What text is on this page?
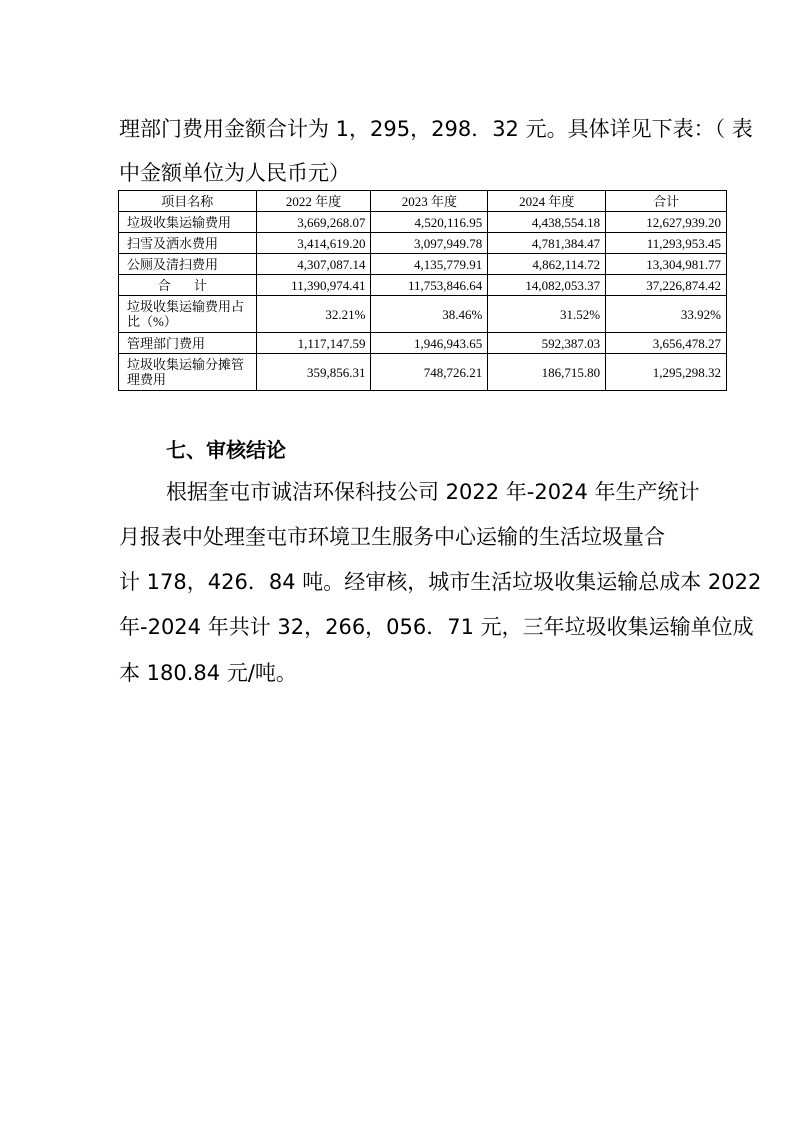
理部门费用金额合计为 1，295，298．32 元。具体详见下表：（ 表
中金额单位为人民币元）
项目名称	2022 年度	2023 年度	2024 年度	合计
垃圾收集运输费用	3,669,268.07	4,520,116.95	4,438,554.18	12,627,939.20
扫雪及洒水费用	3,414,619.20	3,097,949.78	4,781,384.47	11,293,953.45
公厕及清扫费用	4,307,087.14	4,135,779.91	4,862,114.72	13,304,981.77
合 计	11,390,974.41	11,753,846.64	14,082,053.37	37,226,874.42
垃圾收集运输费用占比（%）	32.21%	38.46%	31.52%	33.92%
管理部门费用	1,117,147.59	1,946,943.65	592,387.03	3,656,478.27
垃圾收集运输分摊管理费用	359,856.31	748,726.21	186,715.80	1,295,298.32
七、审核结论
根据奎屯市诚洁环保科技公司 2022 年-2024 年生产统计
月报表中处理奎屯市环境卫生服务中心运输的生活垃圾量合
计 178，426．84 吨。经审核，城市生活垃圾收集运输总成本 2022
年-2024 年共计 32，266，056．71 元，三年垃圾收集运输单位成
本 180.84 元/吨。
